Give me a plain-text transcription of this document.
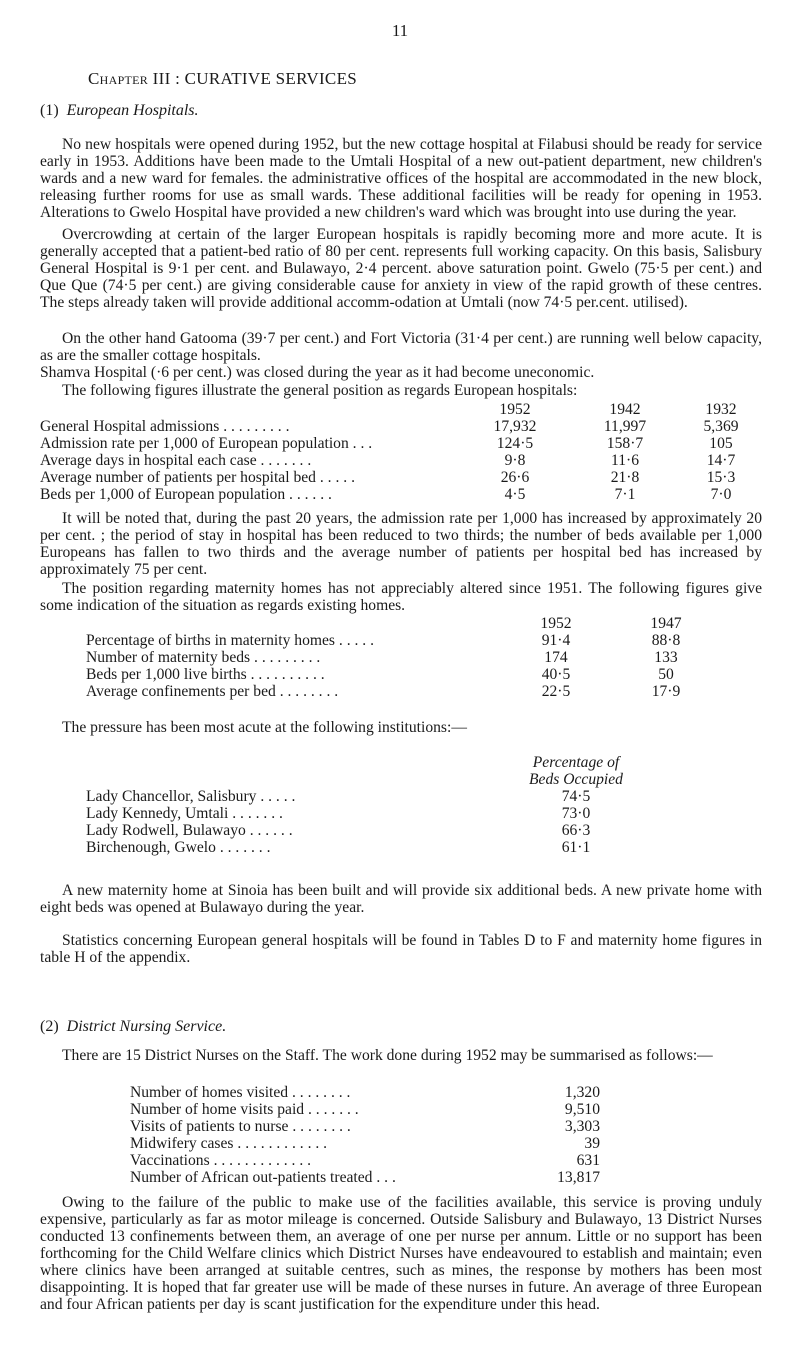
11
Chapter III : CURATIVE SERVICES
(1) European Hospitals.
No new hospitals were opened during 1952, but the new cottage hospital at Filabusi should be ready for service early in 1953. Additions have been made to the Umtali Hospital of a new out-patient department, new children's wards and a new ward for females. the administrative offices of the hospital are accommodated in the new block, releasing further rooms for use as small wards. These additional facilities will be ready for opening in 1953. Alterations to Gwelo Hospital have provided a new children's ward which was brought into use during the year.
Overcrowding at certain of the larger European hospitals is rapidly becoming more and more acute. It is generally accepted that a patient-bed ratio of 80 per cent. represents full working capacity. On this basis, Salisbury General Hospital is 9·1 per cent. and Bulawayo, 2·4 percent. above saturation point. Gwelo (75·5 per cent.) and Que Que (74·5 per cent.) are giving considerable cause for anxiety in view of the rapid growth of these centres. The steps already taken will provide additional accomm-odation at Umtali (now 74·5 per.cent. utilised).
On the other hand Gatooma (39·7 per cent.) and Fort Victoria (31·4 per cent.) are running well below capacity, as are the smaller cottage hospitals.
Shamva Hospital (·6 per cent.) was closed during the year as it had become uneconomic.
The following figures illustrate the general position as regards European hospitals:
	1952	1942	1932
General Hospital admissions . . . . . . . . .	17,932	11,997	5,369
Admission rate per 1,000 of European population . . .	124·5	158·7	105
Average days in hospital each case . . . . . . .	9·8	11·6	14·7
Average number of patients per hospital bed . . . . .	26·6	21·8	15·3
Beds per 1,000 of European population . . . . . .	4·5	7·1	7·0
It will be noted that, during the past 20 years, the admission rate per 1,000 has increased by approximately 20 per cent. ; the period of stay in hospital has been reduced to two thirds; the number of beds available per 1,000 Europeans has fallen to two thirds and the average number of patients per hospital bed has increased by approximately 75 per cent.
The position regarding maternity homes has not appreciably altered since 1951. The following figures give some indication of the situation as regards existing homes.
	1952	1947
Percentage of births in maternity homes . . . . .	91·4	88·8
Number of maternity beds . . . . . . . . .	174	133
Beds per 1,000 live births . . . . . . . . . .	40·5	50
Average confinements per bed . . . . . . . .	22·5	17·9
The pressure has been most acute at the following institutions:—
	Percentage of
	Beds Occupied
Lady Chancellor, Salisbury . . . . .	74·5
Lady Kennedy, Umtali . . . . . . .	73·0
Lady Rodwell, Bulawayo . . . . . .	66·3
Birchenough, Gwelo . . . . . . .	61·1
A new maternity home at Sinoia has been built and will provide six additional beds. A new private home with eight beds was opened at Bulawayo during the year.
Statistics concerning European general hospitals will be found in Tables D to F and maternity home figures in table H of the appendix.
(2) District Nursing Service.
There are 15 District Nurses on the Staff. The work done during 1952 may be summarised as follows:—
Number of homes visited . . . . . . . .	1,320
Number of home visits paid . . . . . . .	9,510
Visits of patients to nurse . . . . . . . .	3,303
Midwifery cases . . . . . . . . . . . .	39
Vaccinations . . . . . . . . . . . . .	631
Number of African out-patients treated . . .	13,817
Owing to the failure of the public to make use of the facilities available, this service is proving unduly expensive, particularly as far as motor mileage is concerned. Outside Salisbury and Bulawayo, 13 District Nurses conducted 13 confinements between them, an average of one per nurse per annum. Little or no support has been forthcoming for the Child Welfare clinics which District Nurses have endeavoured to establish and maintain; even where clinics have been arranged at suitable centres, such as mines, the response by mothers has been most disappointing. It is hoped that far greater use will be made of these nurses in future. An average of three European and four African patients per day is scant justification for the expenditure under this head.
